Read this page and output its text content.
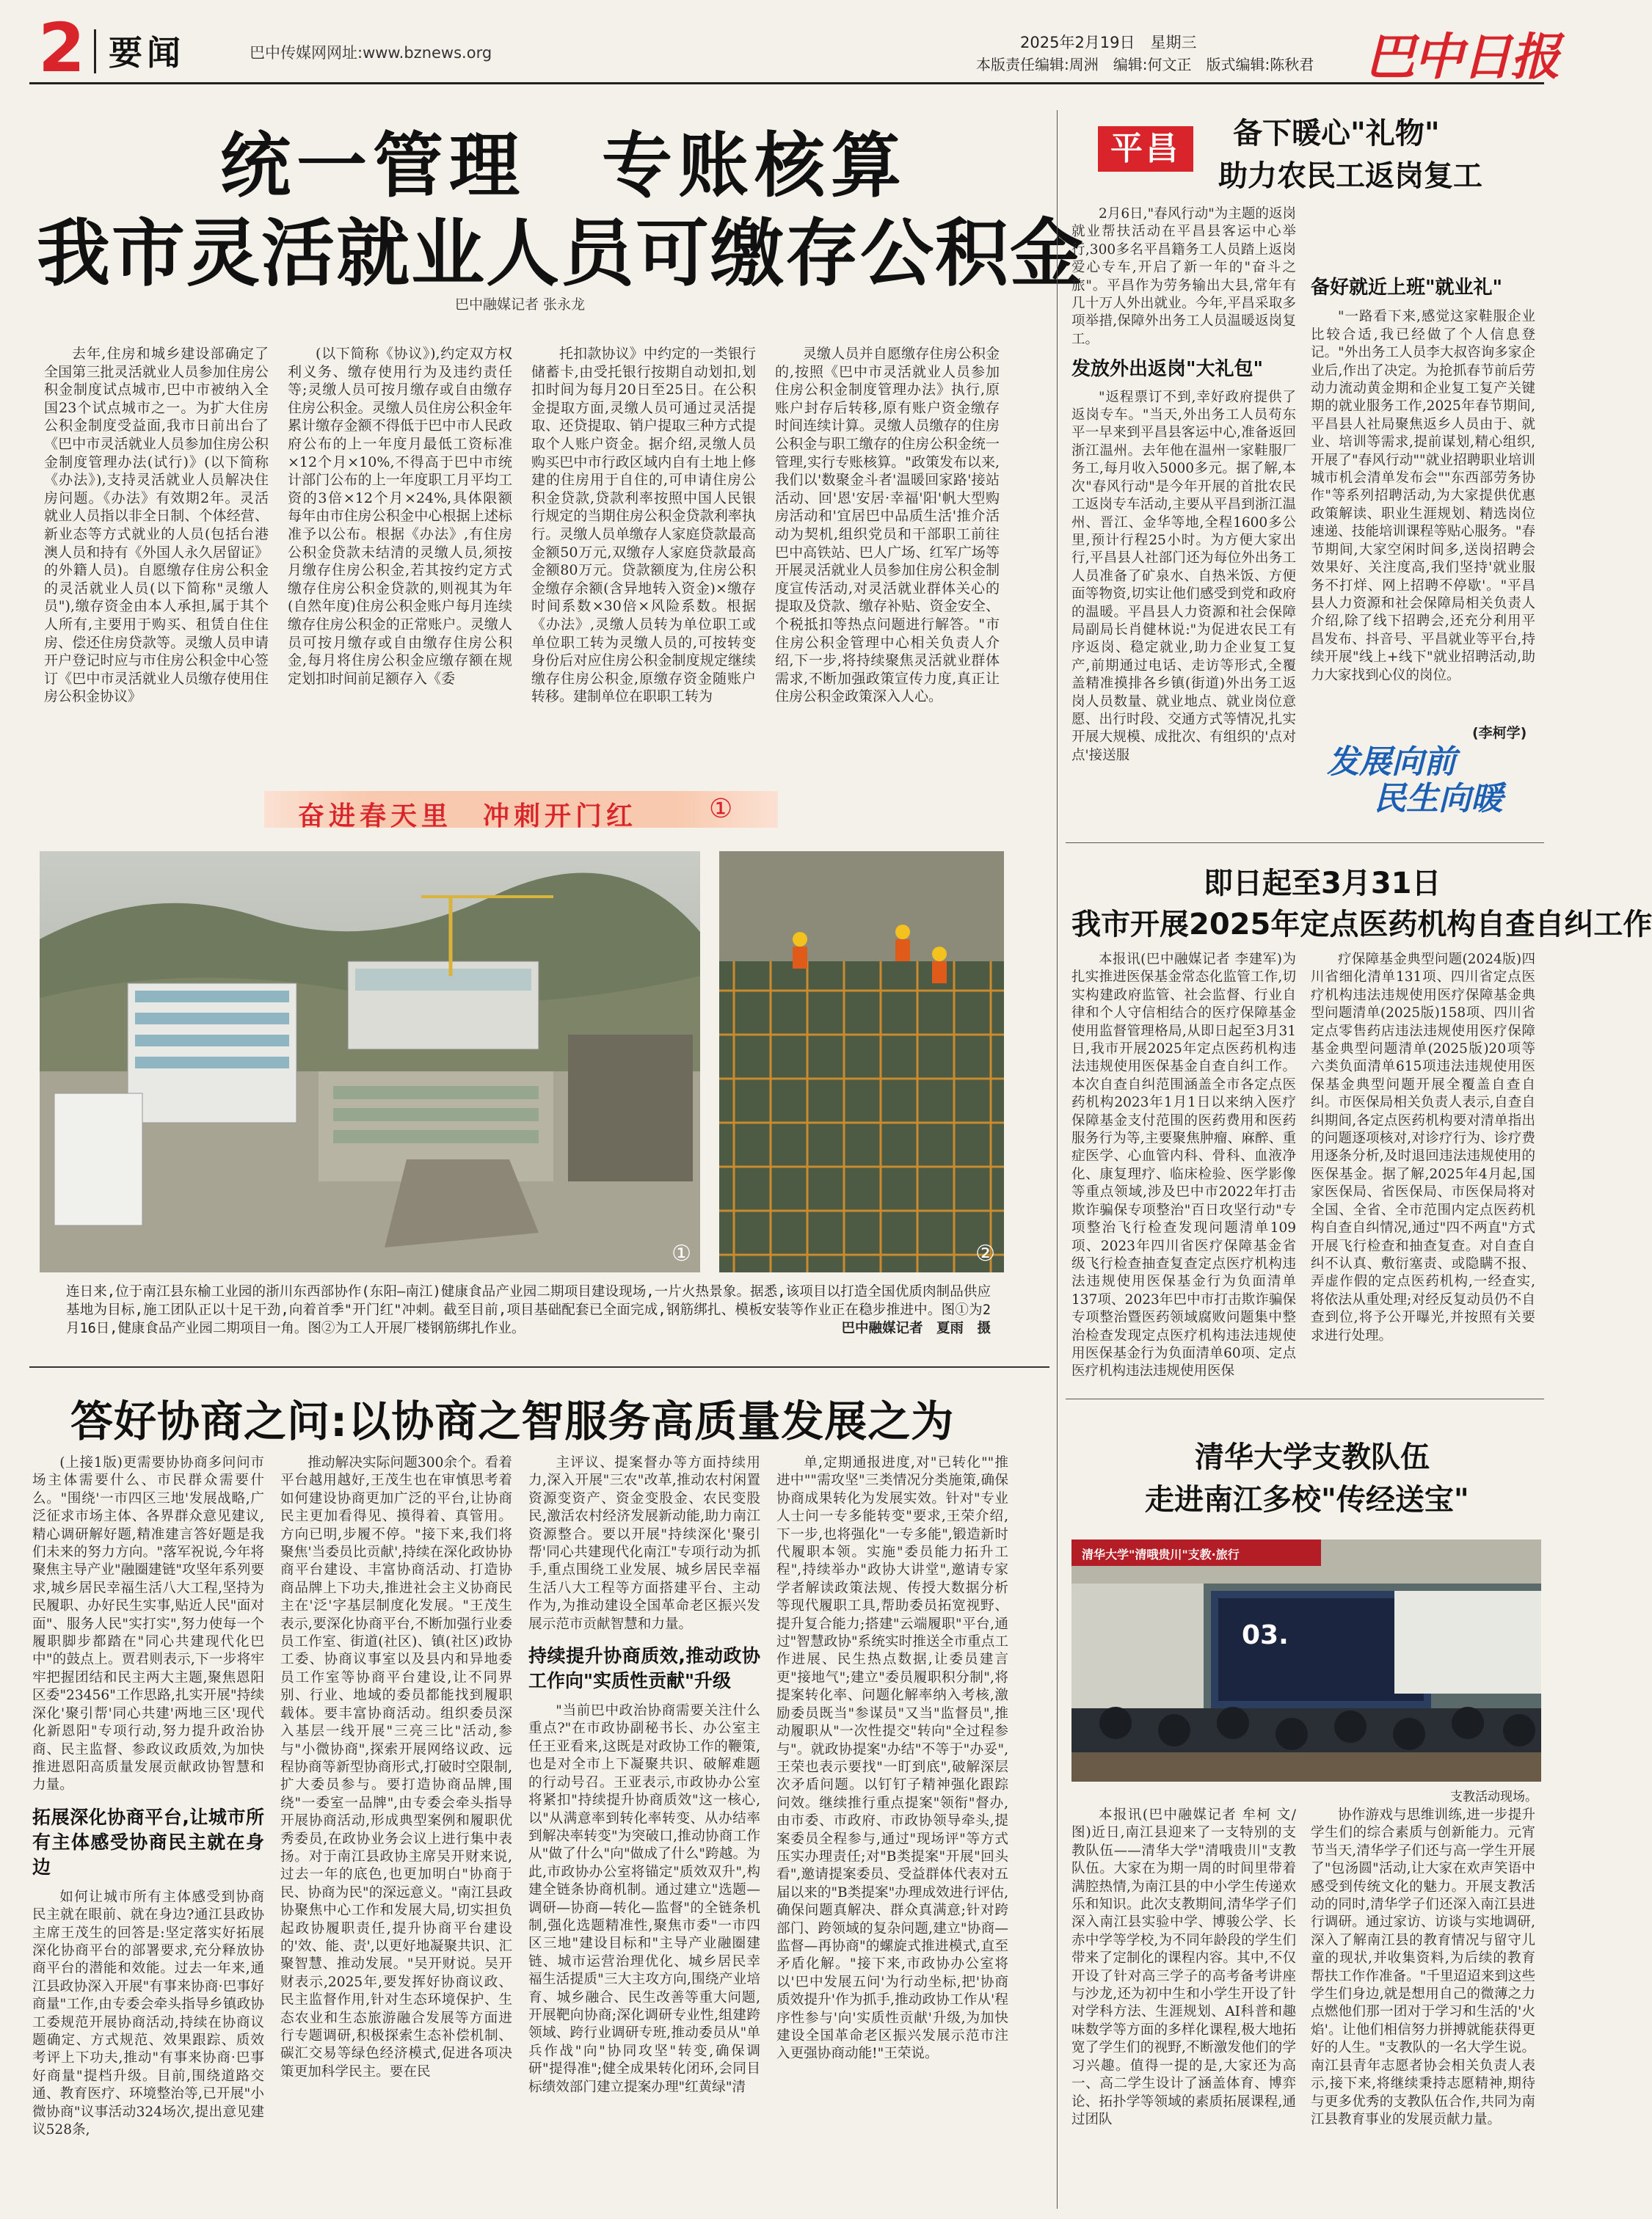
2 要闻	巴中传媒网网址:www.bznews.org
2025年2月19日　星期三
本版责任编辑:周洲　编辑:何文正　版式编辑:陈秋君 巴中日报
统一管理　专账核算
我市灵活就业人员可缴存公积金
巴中融媒记者 张永龙

去年,住房和城乡建设部确定了全国第三批灵活就业人员参加住房公积金制度试点城市,巴中市被纳入全国23个试点城市之一。为扩大住房公积金制度受益面,我市日前出台了《巴中市灵活就业人员参加住房公积金制度管理办法(试行)》(以下简称《办法》),支持灵活就业人员解决住房问题。《办法》有效期2年。灵活就业人员指以非全日制、个体经营、新业态等方式就业的人员(包括台港澳人员和持有《外国人永久居留证》的外籍人员)。自愿缴存住房公积金的灵活就业人员(以下简称"灵缴人员"),缴存资金由本人承担,属于其个人所有,主要用于购买、租赁自住住房、偿还住房贷款等。灵缴人员申请开户登记时应与市住房公积金中心签订《巴中市灵活就业人员缴存使用住房公积金协议》

(以下简称《协议》),约定双方权利义务、缴存使用行为及违约责任等;灵缴人员可按月缴存或自由缴存住房公积金。灵缴人员住房公积金年累计缴存金额不得低于巴中市人民政府公布的上一年度月最低工资标准×12个月×10%,不得高于巴中市统计部门公布的上一年度职工月平均工资的3倍×12个月×24%,具体限额每年由市住房公积金中心根据上述标准予以公布。根据《办法》,有住房公积金贷款未结清的灵缴人员,须按月缴存住房公积金,若其按约定方式缴存住房公积金贷款的,则视其为年(自然年度)住房公积金账户每月连续缴存住房公积金的正常账户。灵缴人员可按月缴存或自由缴存住房公积金,每月将住房公积金应缴存额在规定划扣时间前足额存入《委

托扣款协议》中约定的一类银行储蓄卡,由受托银行按期自动划扣,划扣时间为每月20日至25日。在公积金提取方面,灵缴人员可通过灵活提取、还贷提取、销户提取三种方式提取个人账户资金。据介绍,灵缴人员购买巴中市行政区域内自有土地上修建的住房用于自住的,可申请住房公积金贷款,贷款利率按照中国人民银行规定的当期住房公积金贷款利率执行。灵缴人员单缴存人家庭贷款最高金额50万元,双缴存人家庭贷款最高金额80万元。贷款额度为,住房公积金缴存余额(含异地转入资金)×缴存时间系数×30倍×风险系数。根据《办法》,灵缴人员转为单位职工或单位职工转为灵缴人员的,可按转变身份后对应住房公积金制度规定继续缴存住房公积金,原缴存资金随账户转移。建制单位在职职工转为

灵缴人员并自愿缴存住房公积金的,按照《巴中市灵活就业人员参加住房公积金制度管理办法》执行,原账户封存后转移,原有账户资金缴存时间连续计算。灵缴人员缴存的住房公积金与职工缴存的住房公积金统一管理,实行专账核算。"政策发布以来,我们以'数聚金斗者'温暖回家路'接站活动、回'恩'安居·幸福'阳'帆大型购房活动和'宜居巴中品质生活'推介活动为契机,组织党员和干部职工前往巴中高铁站、巴人广场、红军广场等开展灵活就业人员参加住房公积金制度宣传活动,对灵活就业群体关心的提取及贷款、缴存补贴、资金安全、个税抵扣等热点问题进行解答。"市住房公积金管理中心相关负责人介绍,下一步,将持续聚焦灵活就业群体需求,不断加强政策宣传力度,真正让住房公积金政策深入人心。

奋进春天里　冲刺开门红	①
①	②
连日来,位于南江县东榆工业园的浙川东西部协作(东阳—南江)健康食品产业园二期项目建设现场,一片火热景象。据悉,该项目以打造全国优质肉制品供应基地为目标,施工团队正以十足干劲,向着首季"开门红"冲刺。截至目前,项目基础配套已全面完成,钢筋绑扎、模板安装等作业正在稳步推进中。图①为2月16日,健康食品产业园二期项目一角。图②为工人开展厂楼钢筋绑扎作业。	巴中融媒记者　夏雨　摄
答好协商之问:以协商之智服务高质量发展之为

(上接1版)更需要协协商多问问市场主体需要什么、市民群众需要什么。"围绕'一市四区三地'发展战略,广泛征求市场主体、各界群众意见建议,精心调研解好题,精准建言答好题是我们未来的努力方向。"落军祝说,今年将聚焦主导产业"融圈建链"攻坚年系列要求,城乡居民幸福生活八大工程,坚持为民履职、办好民生实事,贴近人民"面对面"、服务人民"实打实",努力使每一个履职脚步都踏在"同心共建现代化巴中"的鼓点上。贾君则表示,下一步将牢牢把握团结和民主两大主题,聚焦恩阳区委"23456"工作思路,扎实开展"持续深化'聚引帮'同心共建'两地三区'现代化新恩阳"专项行动,努力提升政治协商、民主监督、参政议政质效,为加快推进恩阳高质量发展贡献政协智慧和力量。

拓展深化协商平台,让城市所有主体感受协商民主就在身边

如何让城市所有主体感受到协商民主就在眼前、就在身边?通江县政协主席王茂生的回答是:坚定落实好拓展深化协商平台的部署要求,充分释放协商平台的潜能和效能。过去一年来,通江县政协深入开展"有事来协商·巴事好商量"工作,由专委会牵头指导乡镇政协工委规范开展协商活动,持续在协商议题确定、方式规范、效果跟踪、质效考评上下功夫,推动"有事来协商·巴事好商量"提档升级。目前,围绕道路交通、教育医疗、环境整治等,已开展"小微协商"议事活动324场次,提出意见建议528条,

推动解决实际问题300余个。看着平台越用越好,王茂生也在审慎思考着如何建设协商更加广泛的平台,让协商民主更加看得见、摸得着、真管用。方向已明,步履不停。"接下来,我们将聚焦'当委员比贡献',持续在深化政协协商平台建设、丰富协商活动、打造协商品牌上下功夫,推进社会主义协商民主在'泛'字基层制度化发展。"王茂生表示,要深化协商平台,不断加强行业委员工作室、街道(社区)、镇(社区)政协工委、协商议事室以及县内和异地委员工作室等协商平台建设,让不同界别、行业、地域的委员都能找到履职载体。要丰富协商活动。组织委员深入基层一线开展"三亮三比"活动,参与"小微协商",探索开展网络议政、远程协商等新型协商形式,打破时空限制,扩大委员参与。要打造协商品牌,围绕"一委室一品牌",由专委会牵头指导开展协商活动,形成典型案例和履职优秀委员,在政协业务会议上进行集中表扬。对于南江县政协主席吴开财来说,过去一年的底色,也更加明白"协商于民、协商为民"的深远意义。"南江县政协聚焦中心工作和发展大局,切实担负起政协履职责任,提升协商平台建设的'效、能、责',以更好地凝聚共识、汇聚智慧、推动发展。"吴开财说。吴开财表示,2025年,要发挥好协商议政、民主监督作用,针对生态环境保护、生态农业和生态旅游融合发展等方面进行专题调研,积极探索生态补偿机制、碳汇交易等绿色经济模式,促进各项决策更加科学民主。要在民

主评议、提案督办等方面持续用力,深入开展"三农"改革,推动农村闲置资源变资产、资金变股金、农民变股民,激活农村经济发展新动能,助力南江资源整合。要以开展"持续深化'聚引帮'同心共建现代化南江"专项行动为抓手,重点围绕工业发展、城乡居民幸福生活八大工程等方面搭建平台、主动作为,为推动建设全国革命老区振兴发展示范市贡献智慧和力量。

持续提升协商质效,推动政协工作向"实质性贡献"升级

"当前巴中政治协商需要关注什么重点?"在市政协副秘书长、办公室主任王亚看来,这既是对政协工作的鞭策,也是对全市上下凝聚共识、破解难题的行动号召。王亚表示,市政协办公室将紧扣"持续提升协商质效"这一核心,以"从满意率到转化率转变、从办结率到解决率转变"为突破口,推动协商工作从"做了什么"向"做成了什么"跨越。为此,市政协办公室将锚定"质效双升",构建全链条协商机制。通过建立"选题—调研—协商—转化—监督"的全链条机制,强化选题精准性,聚焦市委"一市四区三地"建设目标和"主导产业融圈建链、城市运营治理优化、城乡居民幸福生活提质"三大主攻方向,围绕产业培育、城乡融合、民生改善等重大问题,开展靶向协商;深化调研专业性,组建跨领域、跨行业调研专班,推动委员从"单兵作战"向"协同攻坚"转变,确保调研"提得准";健全成果转化闭环,会同目标绩效部门建立提案办理"红黄绿"清

单,定期通报进度,对"已转化""推进中""需攻坚"三类情况分类施策,确保协商成果转化为发展实效。针对"专业人士问一专多能转变"要求,王荣介绍,下一步,也将强化"一专多能",锻造新时代履职本领。实施"委员能力拓升工程",持续举办"政协大讲堂",邀请专家学者解读政策法规、传授大数据分析等现代履职工具,帮助委员拓宽视野、提升复合能力;搭建"云端履职"平台,通过"智慧政协"系统实时推送全市重点工作进展、民生热点数据,让委员建言更"接地气";建立"委员履职积分制",将提案转化率、问题化解率纳入考核,激励委员既当"参谋员"又当"监督员",推动履职从"一次性提交"转向"全过程参与"。就政协提案"办结"不等于"办妥",王荣也表示要找"一盯到底",破解深层次矛盾问题。以钉钉子精神强化跟踪问效。继续推行重点提案"领衔"督办,由市委、市政府、市政协领导牵头,提案委员全程参与,通过"现场评"等方式压实办理责任;对"B类提案"开展"回头看",邀请提案委员、受益群体代表对五届以来的"B类提案"办理成效进行评估,确保问题真解决、群众真满意;针对跨部门、跨领域的复杂问题,建立"协商—监督—再协商"的螺旋式推进模式,直至矛盾化解。"接下来,市政协办公室将以'巴中发展五问'为行动坐标,把'协商质效提升'作为抓手,推动政协工作从'程序性参与'向'实质性贡献'升级,为加快建设全国革命老区振兴发展示范市注入更强协商动能!"王荣说。

平昌	备下暖心"礼物"
助力农民工返岗复工

2月6日,"春风行动"为主题的返岗就业帮扶活动在平昌县客运中心举行,300多名平昌籍务工人员踏上返岗爱心专车,开启了新一年的"奋斗之旅"。平昌作为劳务输出大县,常年有几十万人外出就业。今年,平昌采取多项举措,保障外出务工人员温暖返岗复工。

发放外出返岗"大礼包"

"返程票订不到,幸好政府提供了返岗专车。"当天,外出务工人员苟东平一早来到平昌县客运中心,准备返回浙江温州。去年他在温州一家鞋服厂务工,每月收入5000多元。据了解,本次"春风行动"是今年开展的首批农民工返岗专车活动,主要从平昌到浙江温州、晋江、金华等地,全程1600多公里,预计行程25小时。为方便大家出行,平昌县人社部门还为每位外出务工人员准备了矿泉水、自热米饭、方便面等物资,切实让他们感受到党和政府的温暖。平昌县人力资源和社会保障局副局长肖健林说:"为促进农民工有序返岗、稳定就业,助力企业复工复产,前期通过电话、走访等形式,全覆盖精准摸排各乡镇(街道)外出务工返岗人员数量、就业地点、就业岗位意愿、出行时段、交通方式等情况,扎实开展大规模、成批次、有组织的'点对点'接送服

备好就近上班"就业礼"

"一路看下来,感觉这家鞋服企业比较合适,我已经做了个人信息登记。"外出务工人员李大叔咨询多家企业后,作出了决定。为抢抓春节前后劳动力流动黄金期和企业复工复产关键期的就业服务工作,2025年春节期间,平昌县人社局聚焦返乡人员由于、就业、培训等需求,提前谋划,精心组织,开展了"春风行动""就业招聘职业培训城市机会清单发布会""东西部劳务协作"等系列招聘活动,为大家提供优惠政策解读、职业生涯规划、精选岗位速递、技能培训课程等贴心服务。"春节期间,大家空闲时间多,送岗招聘会效果好、关注度高,我们坚持'就业服务不打烊、网上招聘不停歇'。"平昌县人力资源和社会保障局相关负责人介绍,除了线下招聘会,还充分利用平昌发布、抖音号、平昌就业等平台,持续开展"线上+线下"就业招聘活动,助力大家找到心仪的岗位。

(李柯学)
发展向前
民生向暖
即日起至3月31日
我市开展2025年定点医药机构自查自纠工作

本报讯(巴中融媒记者 李建军)为扎实推进医保基金常态化监管工作,切实构建政府监管、社会监督、行业自律和个人守信相结合的医疗保障基金使用监督管理格局,从即日起至3月31日,我市开展2025年定点医药机构违法违规使用医保基金自查自纠工作。本次自查自纠范围涵盖全市各定点医药机构2023年1月1日以来纳入医疗保障基金支付范围的医药费用和医药服务行为等,主要聚焦肿瘤、麻醉、重症医学、心血管内科、骨科、血液净化、康复理疗、临床检验、医学影像等重点领域,涉及巴中市2022年打击欺诈骗保专项整治"百日攻坚行动"专项整治飞行检查发现问题清单109项、2023年四川省医疗保障基金省级飞行检查抽查复查定点医疗机构违法违规使用医保基金行为负面清单137项、2023年巴中市打击欺诈骗保专项整治暨医药领域腐败问题集中整治检查发现定点医疗机构违法违规使用医保基金行为负面清单60项、定点医疗机构违法违规使用医保

疗保障基金典型问题(2024版)四川省细化清单131项、四川省定点医疗机构违法违规使用医疗保障基金典型问题清单(2025版)158项、四川省定点零售药店违法违规使用医疗保障基金典型问题清单(2025版)20项等六类负面清单615项违法违规使用医保基金典型问题开展全覆盖自查自纠。市医保局相关负责人表示,自查自纠期间,各定点医药机构要对清单指出的问题逐项核对,对诊疗行为、诊疗费用逐条分析,及时退回违法违规使用的医保基金。据了解,2025年4月起,国家医保局、省医保局、市医保局将对全国、全省、全市范围内定点医药机构自查自纠情况,通过"四不两直"方式开展飞行检查和抽查复查。对自查自纠不认真、敷衍塞责、或隐瞒不报、弄虚作假的定点医药机构,一经查实,将依法从重处理;对经反复动员仍不自查到位,将予公开曝光,并按照有关要求进行处理。

清华大学支教队伍
走进南江多校"传经送宝"
清华大学"清哦贵川"支教·旅行
03.
支教活动现场。

本报讯(巴中融媒记者 牟柯 文/图)近日,南江县迎来了一支特别的支教队伍——清华大学"清哦贵川"支教队伍。大家在为期一周的时间里带着满腔热情,为南江县的中小学生传递欢乐和知识。此次支教期间,清华学子们深入南江县实验中学、博骏公学、长赤中学等学校,为不同年龄段的学生们带来了定制化的课程内容。其中,不仅开设了针对高三学子的高考备考讲座与沙龙,还为初中生和小学生开设了针对学科方法、生涯规划、AI科普和趣味数学等方面的多样化课程,极大地拓宽了学生们的视野,不断激发他们的学习兴趣。值得一提的是,大家还为高一、高二学生设计了涵盖体育、博弈论、拓扑学等领域的素质拓展课程,通过团队

协作游戏与思维训练,进一步提升学生们的综合素质与创新能力。元宵节当天,清华学子们还与高一学生开展了"包汤圆"活动,让大家在欢声笑语中感受到传统文化的魅力。开展支教活动的同时,清华学子们还深入南江县进行调研。通过家访、访谈与实地调研,深入了解南江县的教育情况与留守儿童的现状,并收集资料,为后续的教育帮扶工作作准备。"千里迢迢来到这些学生们身边,就是想用自己的微薄之力点燃他们那一团对于学习和生活的'火焰'。让他们相信努力拼搏就能获得更好的人生。"支教队的一名大学生说。南江县青年志愿者协会相关负责人表示,接下来,将继续秉持志愿精神,期待与更多优秀的支教队伍合作,共同为南江县教育事业的发展贡献力量。
